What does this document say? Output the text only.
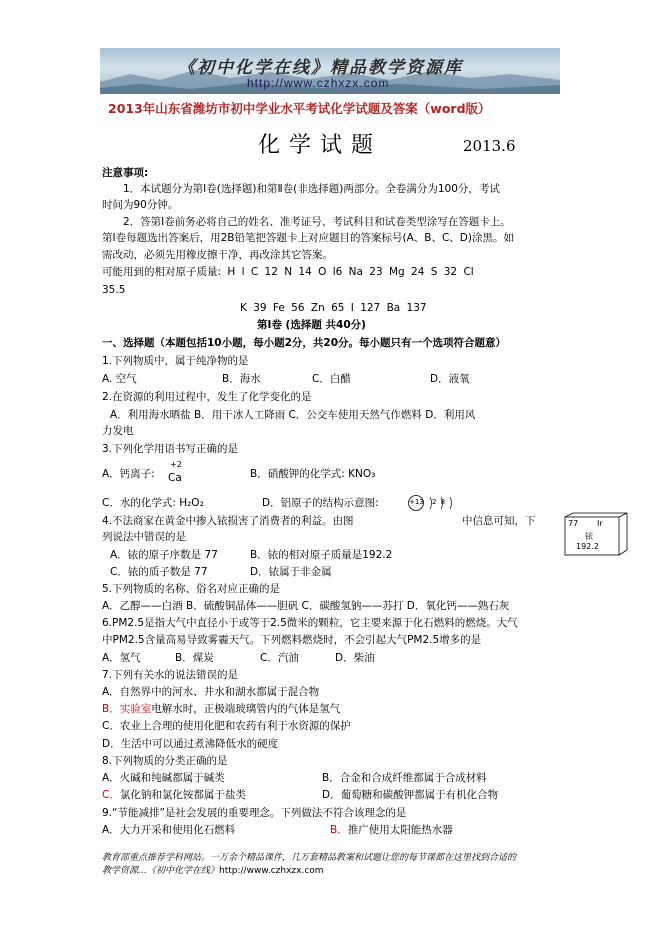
《初中化学在线》精品教学资源库
http://www.czhxzx.com
2013年山东省潍坊市初中学业水平考试化学试题及答案（word版）
化学试题	2013.6
注意事项:
1．本试题分为第Ⅰ卷(选择题)和第Ⅱ卷(非选择题)两部分。全卷满分为100分，考试
时间为90分钟。
2．答第Ⅰ卷前务必将自己的姓名、准考证号、考试科目和试卷类型涂写在答题卡上。
第Ⅰ卷每题选出答案后，用2B铅笔把答题卡上对应题目的答案标号(A、B、C、D)涂黑。如
需改动，必须先用橡皮擦干净，再改涂其它答案。
可能用到的相对原子质量: H l C 12 N 14 O l6 Na 23 Mg 24 S 32 Cl
35.5
K 39 Fe 56 Zn 65 I 127 Ba 137
第Ⅰ卷 (选择题 共40分)
一、选择题（本题包括10小题，每小题2分，共20分。每小题只有一个选项符合题意）
1.下列物质中，属于纯净物的是
A. 空气	B．海水	C．白醋	D．液氧
2.在资源的利用过程中，发生了化学变化的是
A．利用海水晒盐 B．用干冰人工降雨 C．公交车使用天然气作燃料 D．利用风
力发电
3.下列化学用语书写正确的是
A．钙离子:
+2
Ca	B．硝酸钾的化学式: KNO₃
C．水的化学式: H₂O₂	D．铝原子的结构示意图:	+13 2 8
4.不法商家在黄金中掺入铱损害了消费者的利益。由图	中信息可知，下
列说法中错误的是
A．铱的原子序数是 77	B．铱的相对原子质量是192.2
C．铱的质子数是 77	D．铱属于非金属
77 Ir
铱
192.2
5.下列物质的名称、俗名对应正确的是
A．乙醇——白酒 B．硫酸铜晶体——胆矾 C．碳酸氢钠——苏打 D．氧化钙——熟石灰
6.PM2.5是指大气中直径小于或等于2.5微米的颗粒，它主要来源于化石燃料的燃烧。大气
中PM2.5含量高易导致雾霾天气。下列燃料燃烧时，不会引起大气PM2.5增多的是
A．氢气	B．煤炭	C．汽油	D．柴油
7.下列有关水的说法错误的是
A．自然界中的河水、井水和湖水都属于混合物
B．实验室电解水时，正极端玻璃管内的气体是氢气
C．农业上合理的使用化肥和农药有利于水资源的保护
D．生活中可以通过煮沸降低水的硬度
8.下列物质的分类正确的是
A．火碱和纯碱都属于碱类	B．合金和合成纤维都属于合成材料
C．氯化钠和氯化铵都属于盐类	D．葡萄糖和碳酸钾都属于有机化合物
9.“节能减排”是社会发展的重要理念。下列做法不符合该理念的是
A．大力开采和使用化石燃料	B．推广使用太阳能热水器
教育部重点推荐学科网站。一万余个精品课件，几万套精品教案和试题让您的每节课都在这里找到合适的
教学资源…《初中化学在线》http://www.czhxzx.com
